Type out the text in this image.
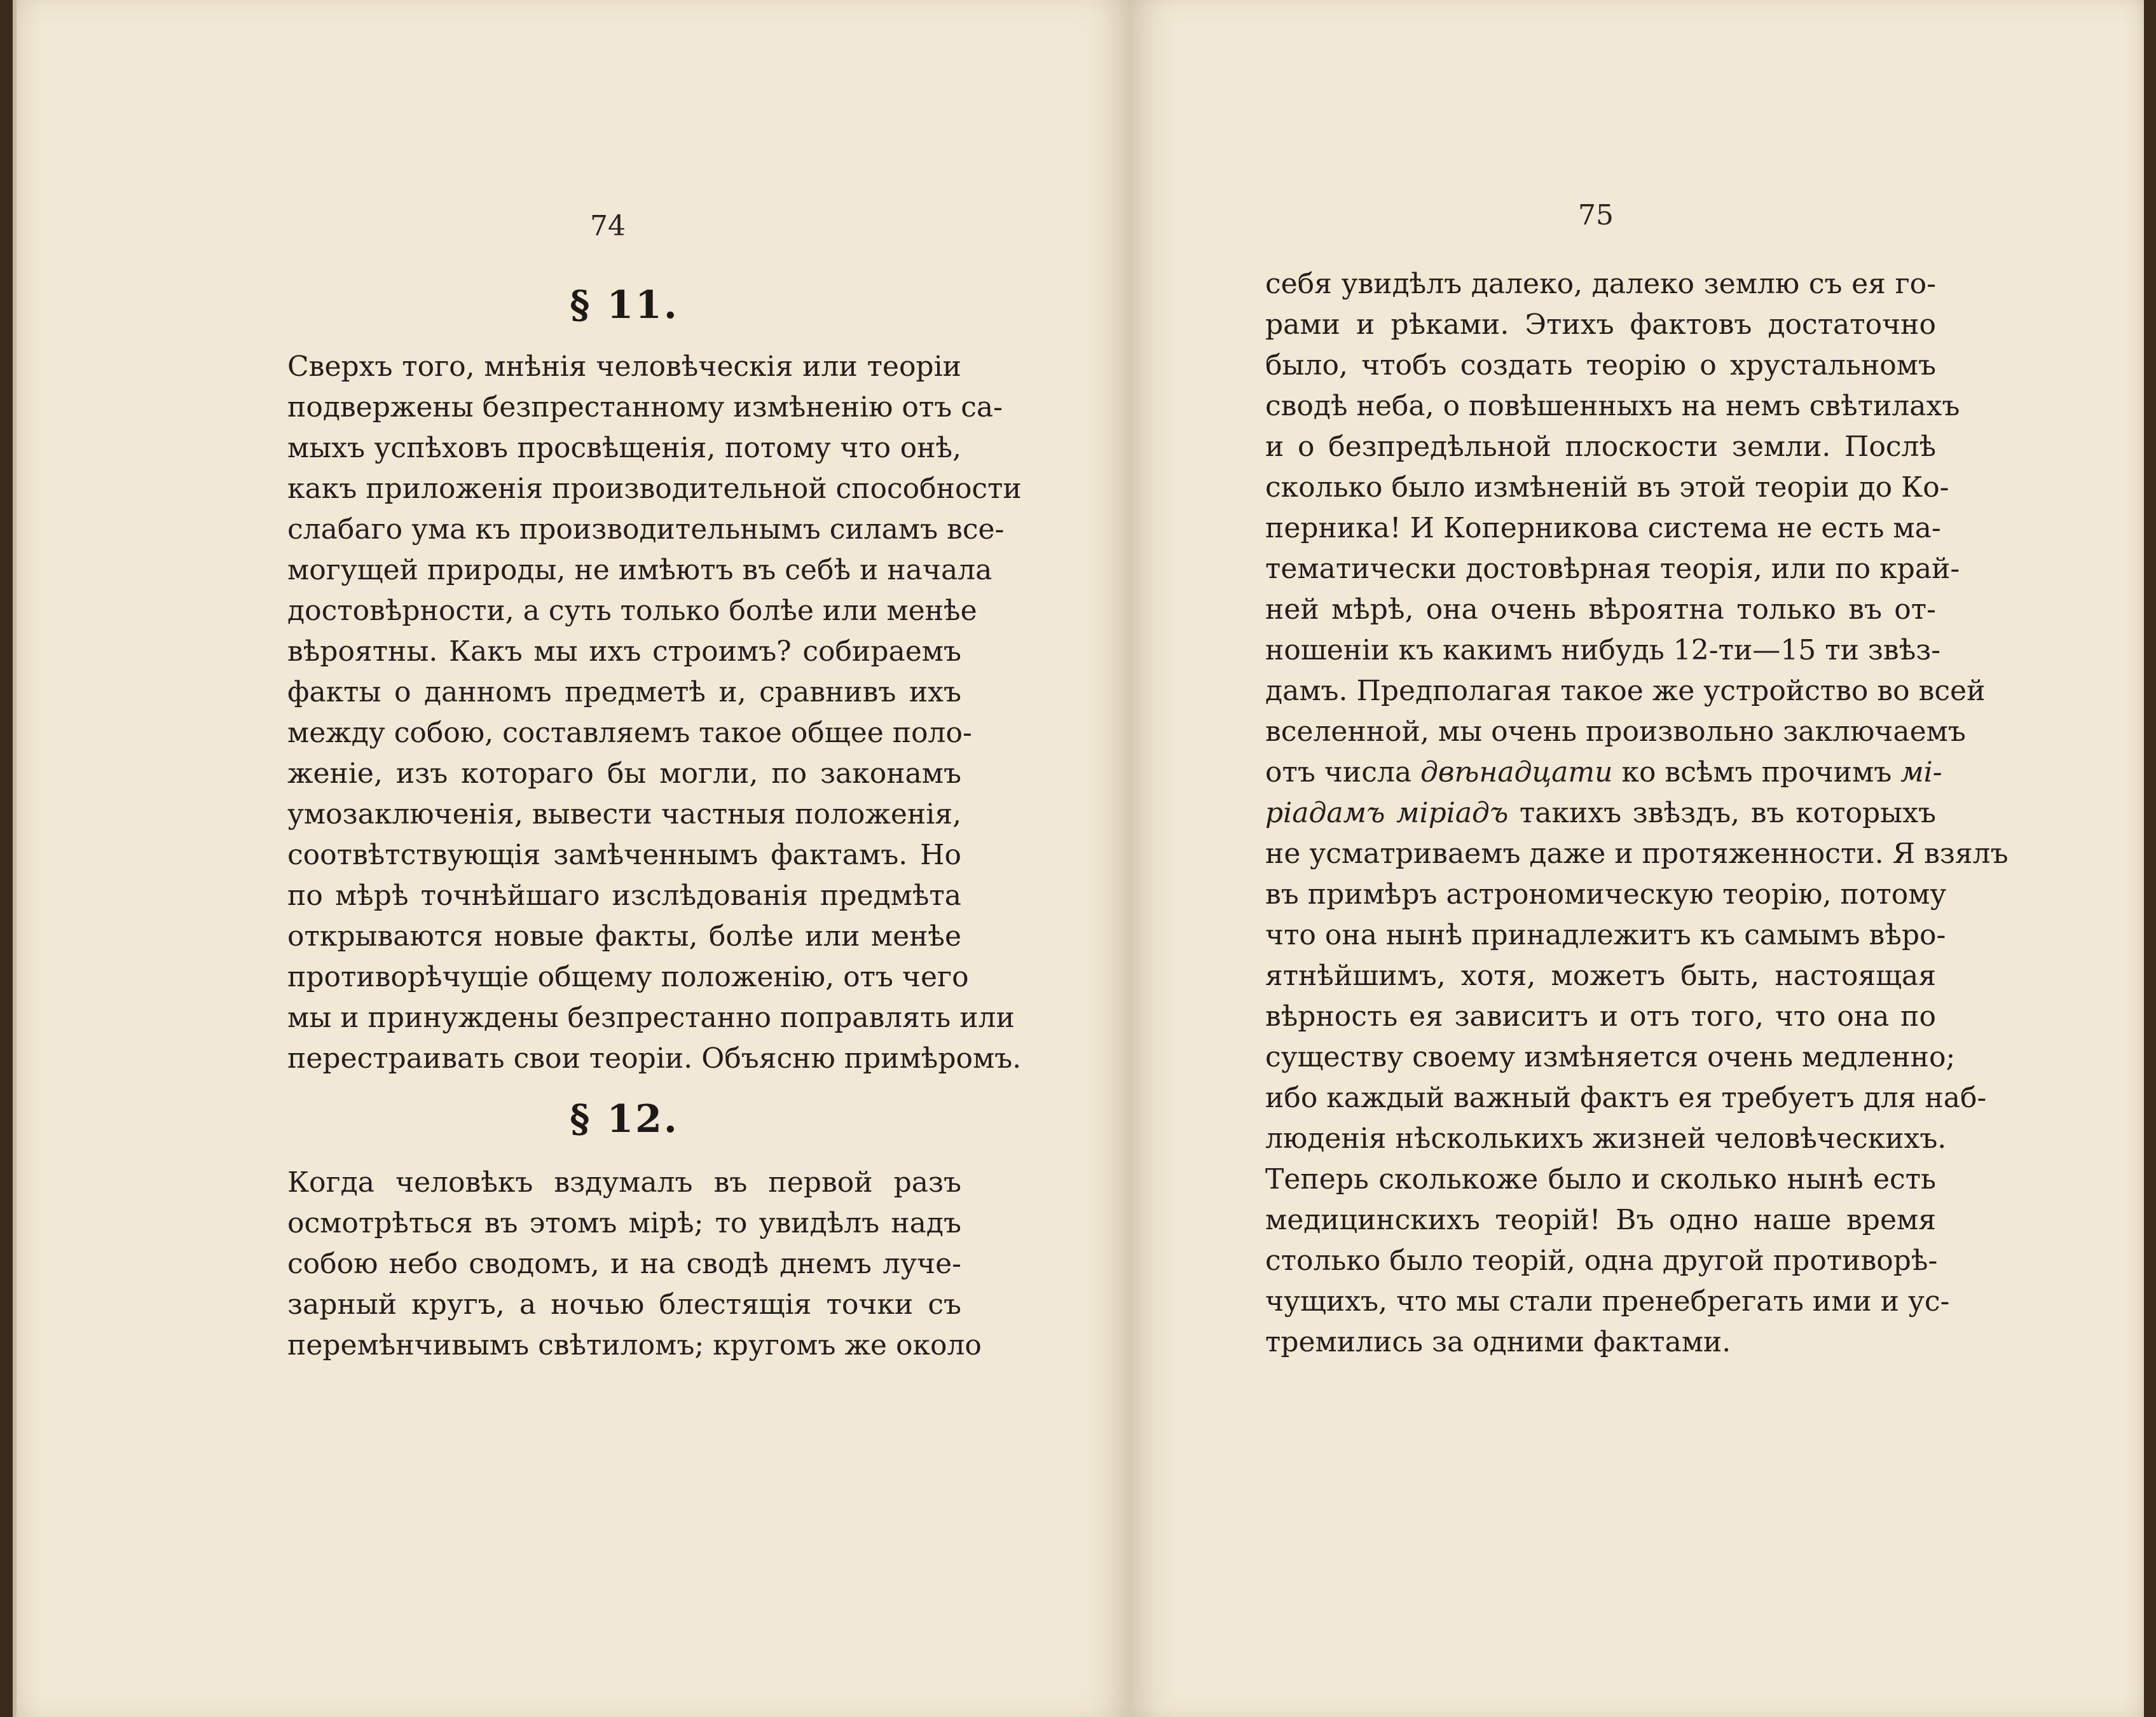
74

§ 11.

Сверхъ того, мнѣнія человѣческія или теоріи

подвержены безпрестанному измѣненію отъ са-

мыхъ успѣховъ просвѣщенія, потому что онѣ,

какъ приложенія производительной способности

слабаго ума къ производительнымъ силамъ все-

могущей природы, не имѣютъ въ себѣ и начала

достовѣрности, а суть только болѣе или менѣе

вѣроятны. Какъ мы ихъ строимъ? собираемъ

факты о данномъ предметѣ и, сравнивъ ихъ

между собою, составляемъ такое общее поло-

женіе, изъ котораго бы могли, по законамъ

умозаключенія, вывести частныя положенія,

соотвѣтствующія замѣченнымъ фактамъ. Но

по мѣрѣ точнѣйшаго изслѣдованія предмѣта

открываются новые факты, болѣе или менѣе

противорѣчущіе общему положенію, отъ чего

мы и принуждены безпрестанно поправлять или

перестраивать свои теоріи. Объясню примѣромъ.

§ 12.

Когда человѣкъ вздумалъ въ первой разъ

осмотрѣться въ этомъ мірѣ; то увидѣлъ надъ

собою небо сводомъ, и на сводѣ днемъ луче-

зарный кругъ, а ночью блестящія точки съ

перемѣнчивымъ свѣтиломъ; кругомъ же около

75

себя увидѣлъ далеко, далеко землю съ ея го-

рами и рѣками. Этихъ фактовъ достаточно

было, чтобъ создать теорію о хрустальномъ

сводѣ неба, о повѣшенныхъ на немъ свѣтилахъ

и о безпредѣльной плоскости земли. Послѣ

сколько было измѣненій въ этой теоріи до Ко-

перника! И Коперникова система не есть ма-

тематически достовѣрная теорія, или по край-

ней мѣрѣ, она очень вѣроятна только въ от-

ношеніи къ какимъ нибудь 12-ти—15 ти звѣз-

дамъ. Предполагая такое же устройство во всей

вселенной, мы очень произвольно заключаемъ

отъ числа двѣнадцати ко всѣмъ прочимъ мі-

ріадамъ міріадъ такихъ звѣздъ, въ которыхъ

не усматриваемъ даже и протяженности. Я взялъ

въ примѣръ астрономическую теорію, потому

что она нынѣ принадлежитъ къ самымъ вѣро-

ятнѣйшимъ, хотя, можетъ быть, настоящая

вѣрность ея зависитъ и отъ того, что она по

существу своему измѣняется очень медленно;

ибо каждый важный фактъ ея требуетъ для наб-

люденія нѣсколькихъ жизней человѣческихъ.

Теперь сколькоже было и сколько нынѣ есть

медицинскихъ теорій! Въ одно наше время

столько было теорій, одна другой противорѣ-

чущихъ, что мы стали пренебрегать ими и ус-

тремились за одними фактами.
